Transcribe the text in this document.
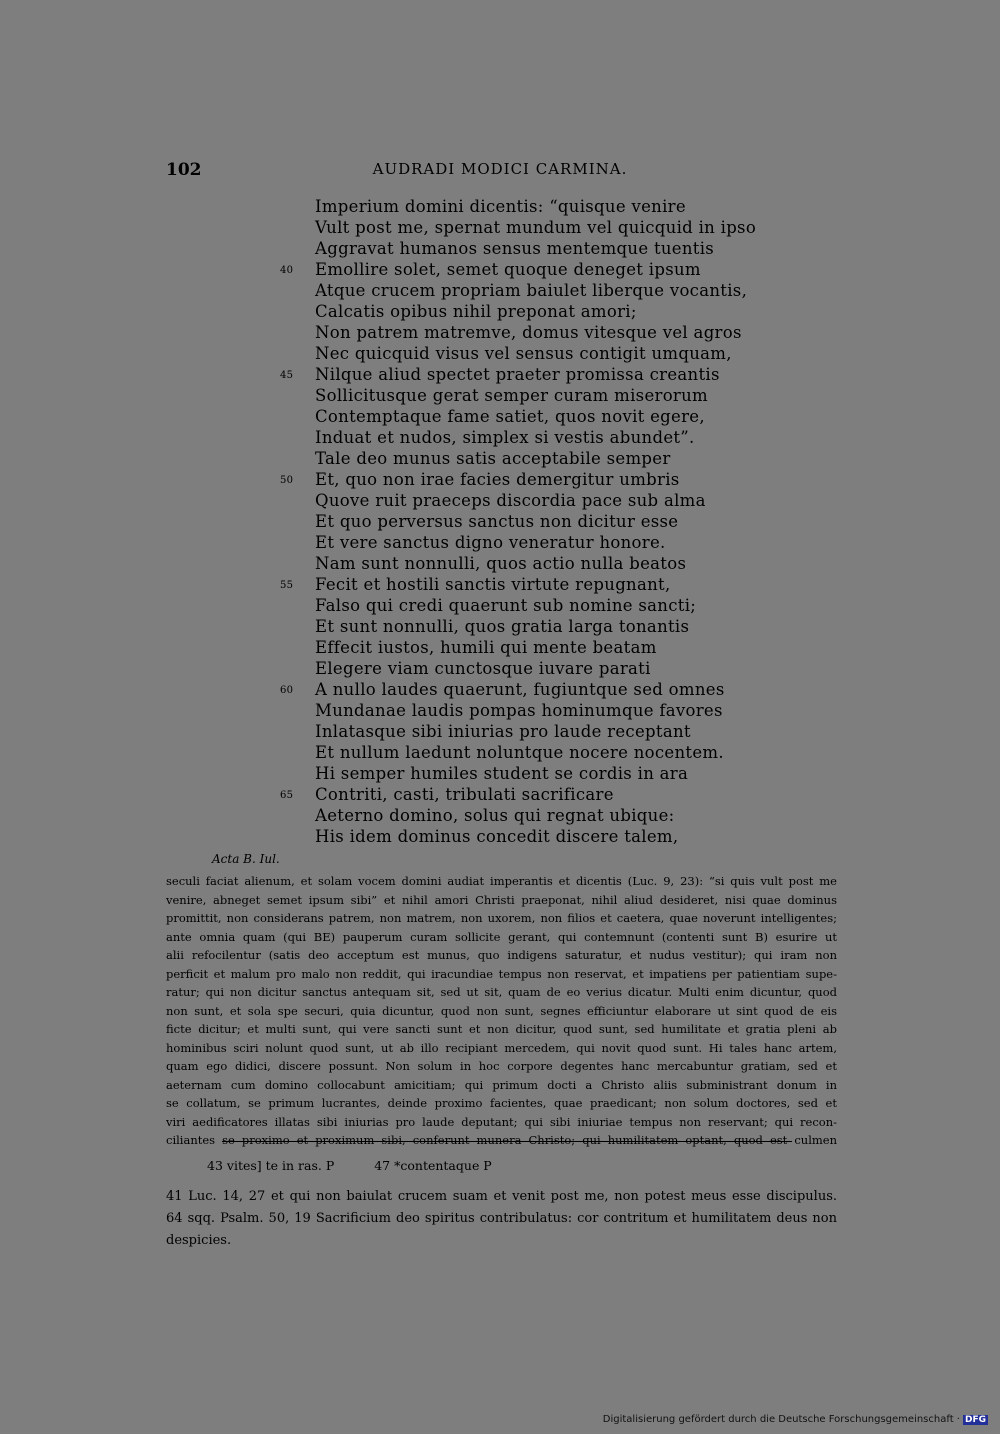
102	AUDRADI MODICI CARMINA.
Imperium domini dicentis: “quisque venire
Vult post me, spernat mundum vel quicquid in ipso
Aggravat humanos sensus mentemque tuentis
40 Emollire solet, semet quoque deneget ipsum
Atque crucem propriam baiulet liberque vocantis,
Calcatis opibus nihil preponat amori;
Non patrem matremve, domus vitesque vel agros
Nec quicquid visus vel sensus contigit umquam,
45 Nilque aliud spectet praeter promissa creantis
Sollicitusque gerat semper curam miserorum
Contemptaque fame satiet, quos novit egere,
Induat et nudos, simplex si vestis abundet”.
Tale deo munus satis acceptabile semper
50 Et, quo non irae facies demergitur umbris
Quove ruit praeceps discordia pace sub alma
Et quo perversus sanctus non dicitur esse
Et vere sanctus digno veneratur honore.
Nam sunt nonnulli, quos actio nulla beatos
55 Fecit et hostili sanctis virtute repugnant,
Falso qui credi quaerunt sub nomine sancti;
Et sunt nonnulli, quos gratia larga tonantis
Effecit iustos, humili qui mente beatam
Elegere viam cunctosque iuvare parati
60 A nullo laudes quaerunt, fugiuntque sed omnes
Mundanae laudis pompas hominumque favores
Inlatasque sibi iniurias pro laude receptant
Et nullum laedunt noluntque nocere nocentem.
Hi semper humiles student se cordis in ara
65 Contriti, casti, tribulati sacrificare
Aeterno domino, solus qui regnat ubique:
His idem dominus concedit discere talem,
Acta B. Iul.
seculi faciat alienum, et solam vocem domini audiat imperantis et dicentis (Luc. 9, 23): “si quis vult post me
venire, abneget semet ipsum sibi” et nihil amori Christi praeponat, nihil aliud desideret, nisi quae dominus
promittit, non considerans patrem, non matrem, non uxorem, non filios et caetera, quae noverunt intelligentes;
ante omnia quam (qui BE) pauperum curam sollicite gerant, qui contemnunt (contenti sunt B) esurire ut
alii refocilentur (satis deo acceptum est munus, quo indigens saturatur, et nudus vestitur); qui iram non
perficit et malum pro malo non reddit, qui iracundiae tempus non reservat, et impatiens per patientiam supe-
ratur; qui non dicitur sanctus antequam sit, sed ut sit, quam de eo verius dicatur. Multi enim dicuntur, quod
non sunt, et sola spe securi, quia dicuntur, quod non sunt, segnes efficiuntur elaborare ut sint quod de eis
ficte dicitur; et multi sunt, qui vere sancti sunt et non dicitur, quod sunt, sed humilitate et gratia pleni ab
hominibus sciri nolunt quod sunt, ut ab illo recipiant mercedem, qui novit quod sunt. Hi tales hanc artem,
quam ego didici, discere possunt. Non solum in hoc corpore degentes hanc mercabuntur gratiam, sed et
aeternam cum domino collocabunt amicitiam; qui primum docti a Christo aliis subministrant donum in
se collatum, se primum lucrantes, deinde proximo facientes, quae praedicant; non solum doctores, sed et
viri aedificatores illatas sibi iniurias pro laude deputant; qui sibi iniuriae tempus non reservant; qui recon-
ciliantes se proximo et proximum sibi, conferunt munera Christo; qui humilitatem optant, quod est culmen
43 vites] te in ras. P	47 *contentaque P
41 Luc. 14, 27 et qui non baiulat crucem suam et venit post me, non potest meus esse discipulus.
64 sqq. Psalm. 50, 19 Sacrificium deo spiritus contribulatus: cor contritum et humilitatem deus non
despicies.
Digitalisierung gefördert durch die Deutsche Forschungsgemeinschaft · DFG
